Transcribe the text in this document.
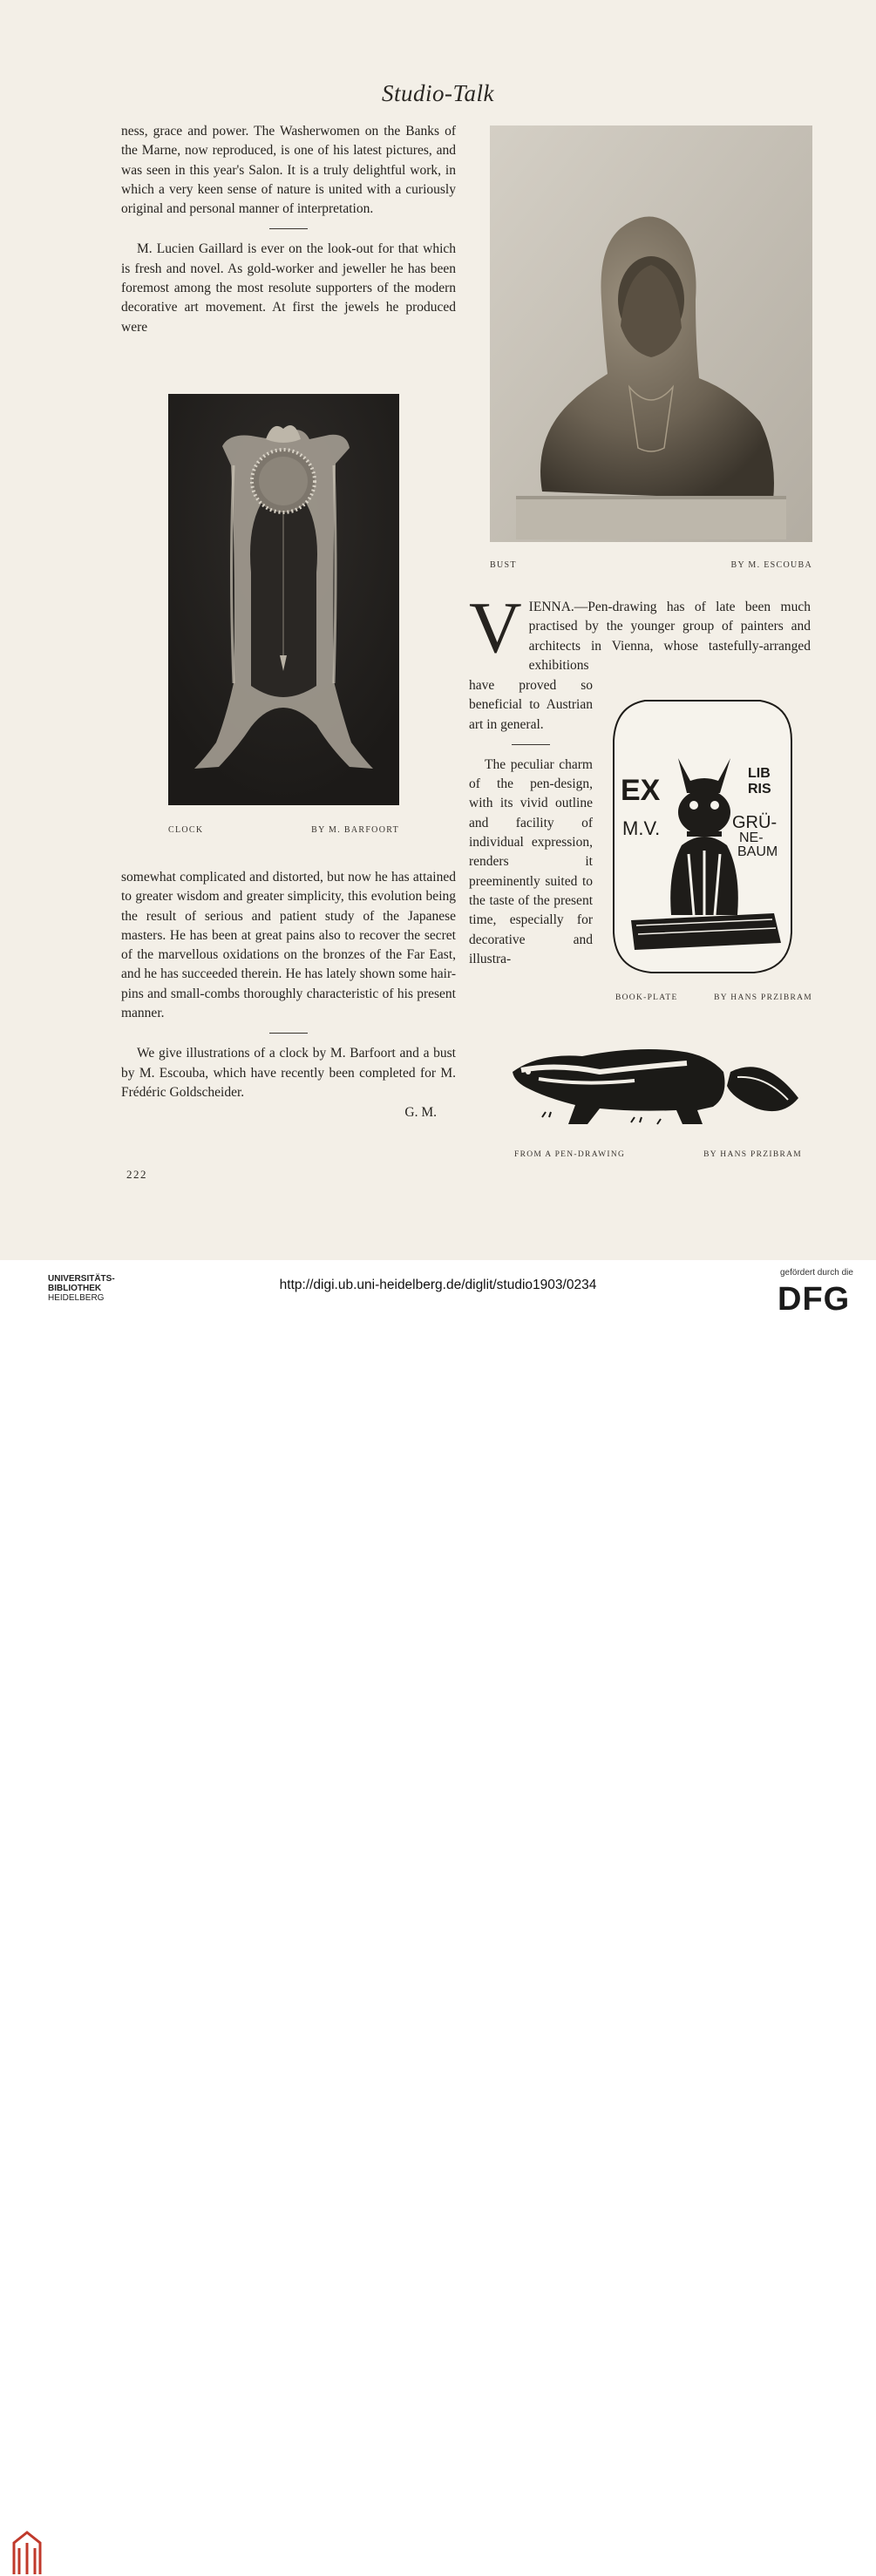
Studio-Talk

ness, grace and power. The Washerwomen on the Banks of the Marne, now reproduced, is one of his latest pictures, and was seen in this year's Salon. It is a truly delightful work, in which a very keen sense of nature is united with a curiously original and personal manner of interpretation.

M. Lucien Gaillard is ever on the look-out for that which is fresh and novel. As gold-worker and jeweller he has been foremost among the most resolute supporters of the modern decorative art movement. At first the jewels he produced were

CLOCK	BY M. BARFOORT

somewhat complicated and distorted, but now he has attained to greater wisdom and greater simplicity, this evolution being the result of serious and patient study of the Japanese masters. He has been at great pains also to recover the secret of the marvellous oxidations on the bronzes of the Far East, and he has succeeded therein. He has lately shown some hair-pins and small-combs thoroughly characteristic of his present manner.

We give illustrations of a clock by M. Barfoort and a bust by M. Escouba, which have recently been completed for M. Frédéric Goldscheider.

G. M.
BUST	BY M. ESCOUBA
V IENNA.—Pen-drawing has of late been much practised by the younger group of painters and architects in Vienna, whose tastefully-arranged exhibitions

have proved so beneficial to Austrian art in general.

The peculiar charm of the pen-design, with its vivid outline and facility of individual expression, renders it preeminently suited to the taste of the present time, especially for decorative and illustra-

EX
LIB
RIS
M.V.	GRÜ-
NE-
BAUM
BOOK-PLATE	BY HANS PRZIBRAM
FROM A PEN-DRAWING	BY HANS PRZIBRAM
222
UNIVERSITÄTS-
BIBLIOTHEK
HEIDELBERG
http://digi.ub.uni-heidelberg.de/diglit/studio1903/0234
gefördert durch die
DFG
